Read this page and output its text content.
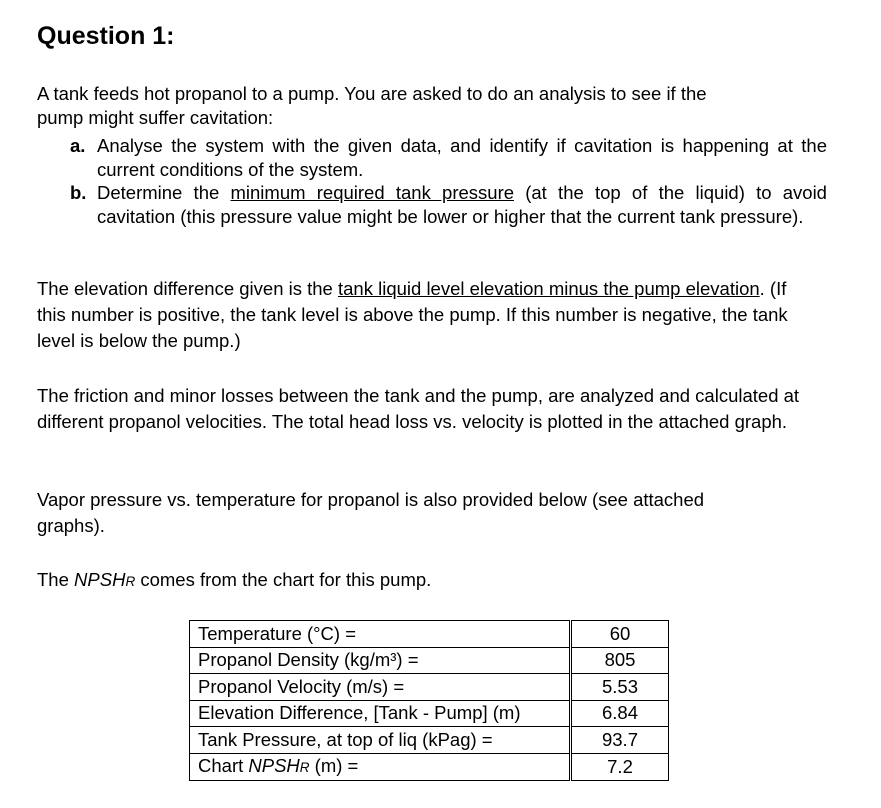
Question 1:
A tank feeds hot propanol to a pump. You are asked to do an analysis to see if the
pump might suffer cavitation:
a. Analyse the system with the given data, and identify if cavitation is happening at the current conditions of the system.
b. Determine the minimum required tank pressure (at the top of the liquid) to avoid cavitation (this pressure value might be lower or higher that the current tank pressure).
The elevation difference given is the tank liquid level elevation minus the pump elevation. (If this number is positive, the tank level is above the pump. If this number is negative, the tank level is below the pump.)
The friction and minor losses between the tank and the pump, are analyzed and calculated at different propanol velocities. The total head loss vs. velocity is plotted in the attached graph.
Vapor pressure vs. temperature for propanol is also provided below (see attached graphs).
The NPSHR comes from the chart for this pump.
Temperature (°C) =	60
Propanol Density (kg/m³) =	805
Propanol Velocity (m/s) =	5.53
Elevation Difference, [Tank - Pump] (m)	6.84
Tank Pressure, at top of liq (kPag) =	93.7
Chart NPSHR (m) =	7.2
